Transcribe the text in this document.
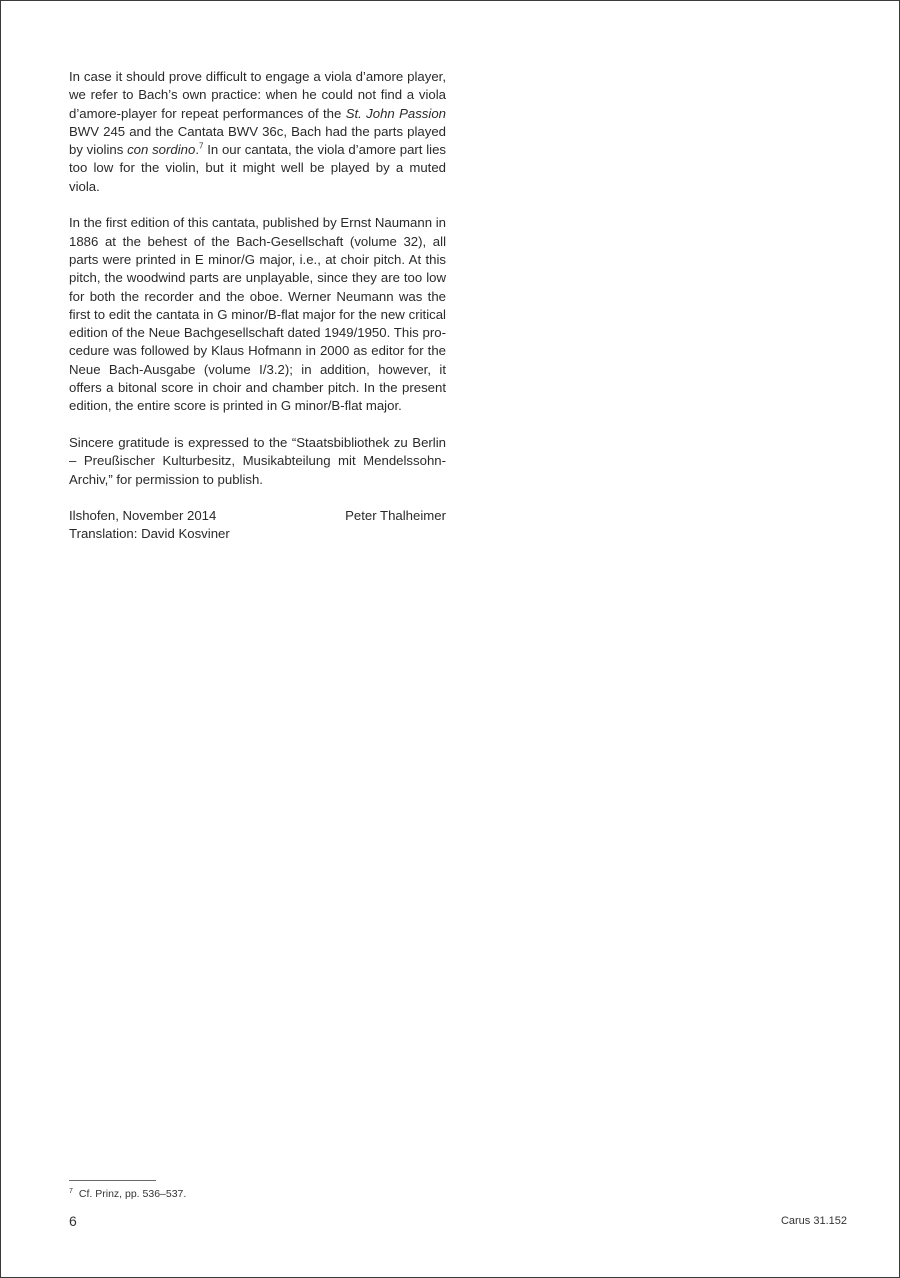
In case it should prove difficult to engage a viola d’amore player, we refer to Bach’s own practice: when he could not find a viola d’amore-player for repeat performances of the St. John Passion BWV 245 and the Cantata BWV 36c, Bach had the parts played by violins con sordino.$^7$ In our cantata, the viola d’amore part lies too low for the violin, but it might well be played by a muted viola.

In the first edition of this cantata, published by Ernst Naumann in 1886 at the behest of the Bach-Gesellschaft (volume 32), all parts were printed in E minor/G major, i.e., at choir pitch. At this pitch, the woodwind parts are unplayable, since they are too low for both the recorder and the oboe. Werner Neumann was the first to edit the cantata in G minor/B-flat major for the new critical edition of the Neue Bachgesellschaft dated 1949/1950. This procedure was followed by Klaus Hofmann in 2000 as editor for the Neue Bach-Ausgabe (volume I/3.2); in addition, however, it offers a bitonal score in choir and chamber pitch. In the present edition, the entire score is printed in G minor/B-flat major.

Sincere gratitude is expressed to the “Staatsbibliothek zu Berlin – Preußischer Kulturbesitz, Musikabteilung mit Mendelssohn-Archiv,” for permission to publish.

Ilshofen, November 2014	Peter Thalheimer

Translation: David Kosviner

$^7$ Cf. Prinz, pp. 536–537.
6	Carus 31.152
